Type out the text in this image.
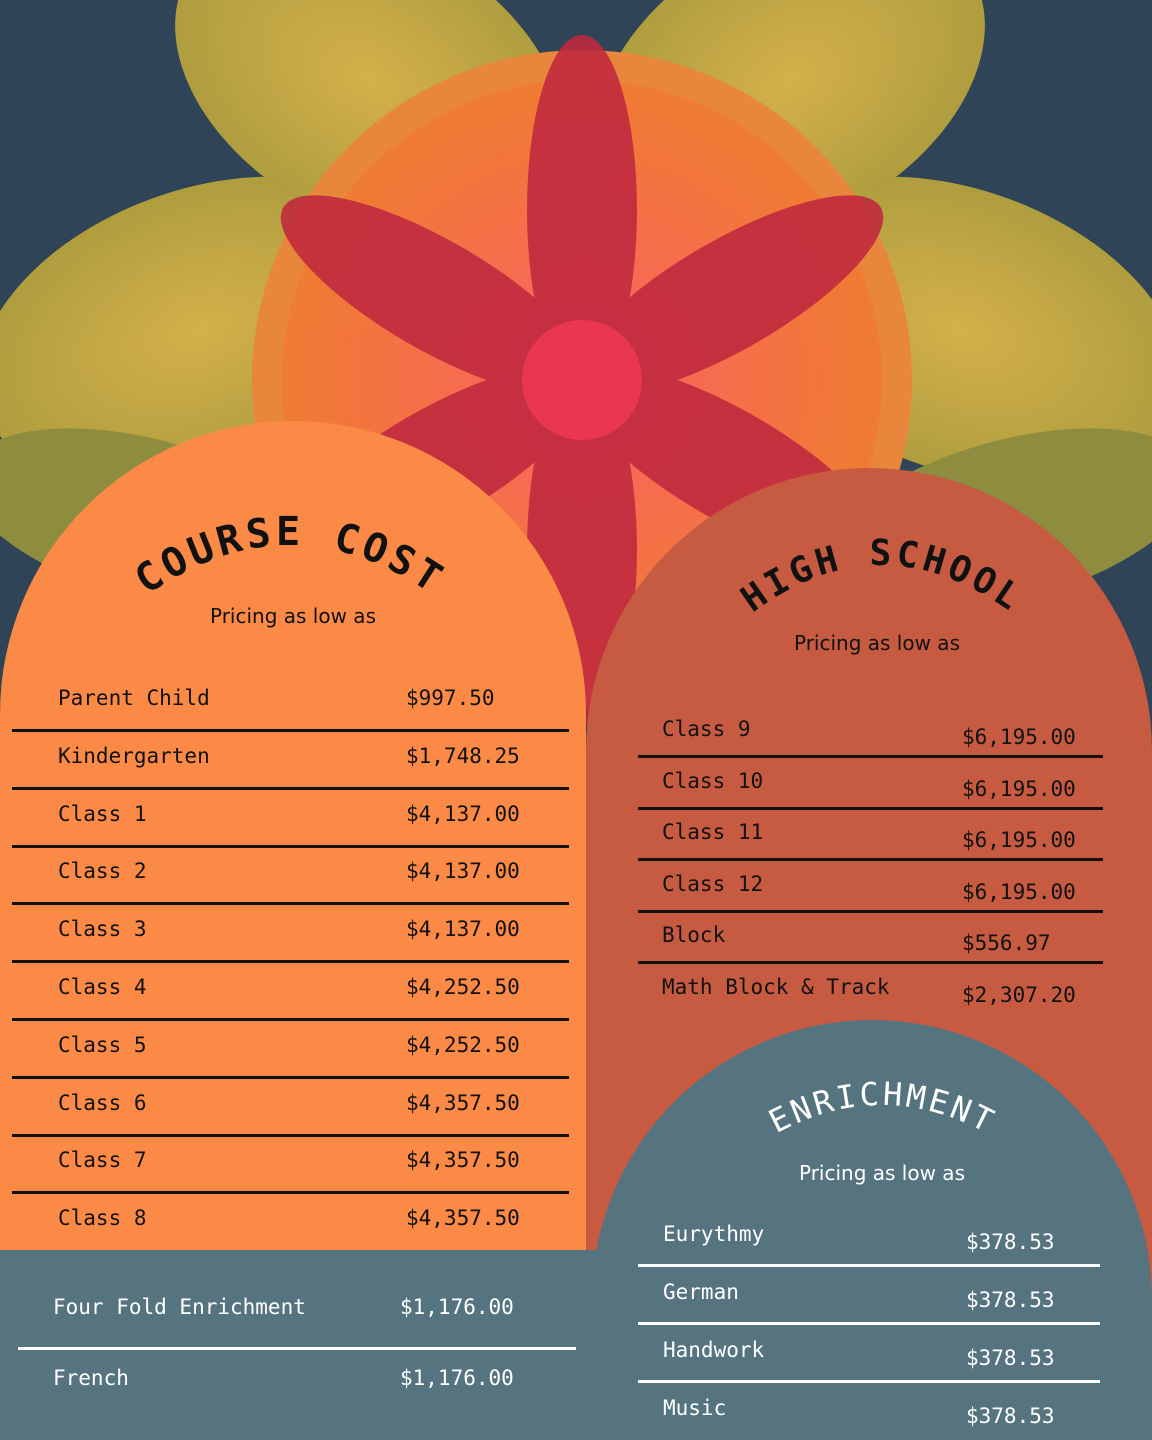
COURSE COST	HIGH SCHOOL
ENRICHMENT
Pricing as low as
Pricing as low as
Pricing as low as
Parent Child	$997.50
Kindergarten	$1,748.25
Class 1	$4,137.00
Class 2	$4,137.00
Class 3	$4,137.00
Class 4	$4,252.50
Class 5	$4,252.50
Class 6	$4,357.50
Class 7	$4,357.50
Class 8	$4,357.50
Four Fold Enrichment	$1,176.00
French	$1,176.00
Class 9	$6,195.00
Class 10	$6,195.00
Class 11	$6,195.00
Class 12	$6,195.00
Block	$556.97
Math Block & Track	$2,307.20
Eurythmy	$378.53
German	$378.53
Handwork	$378.53
Music	$378.53
